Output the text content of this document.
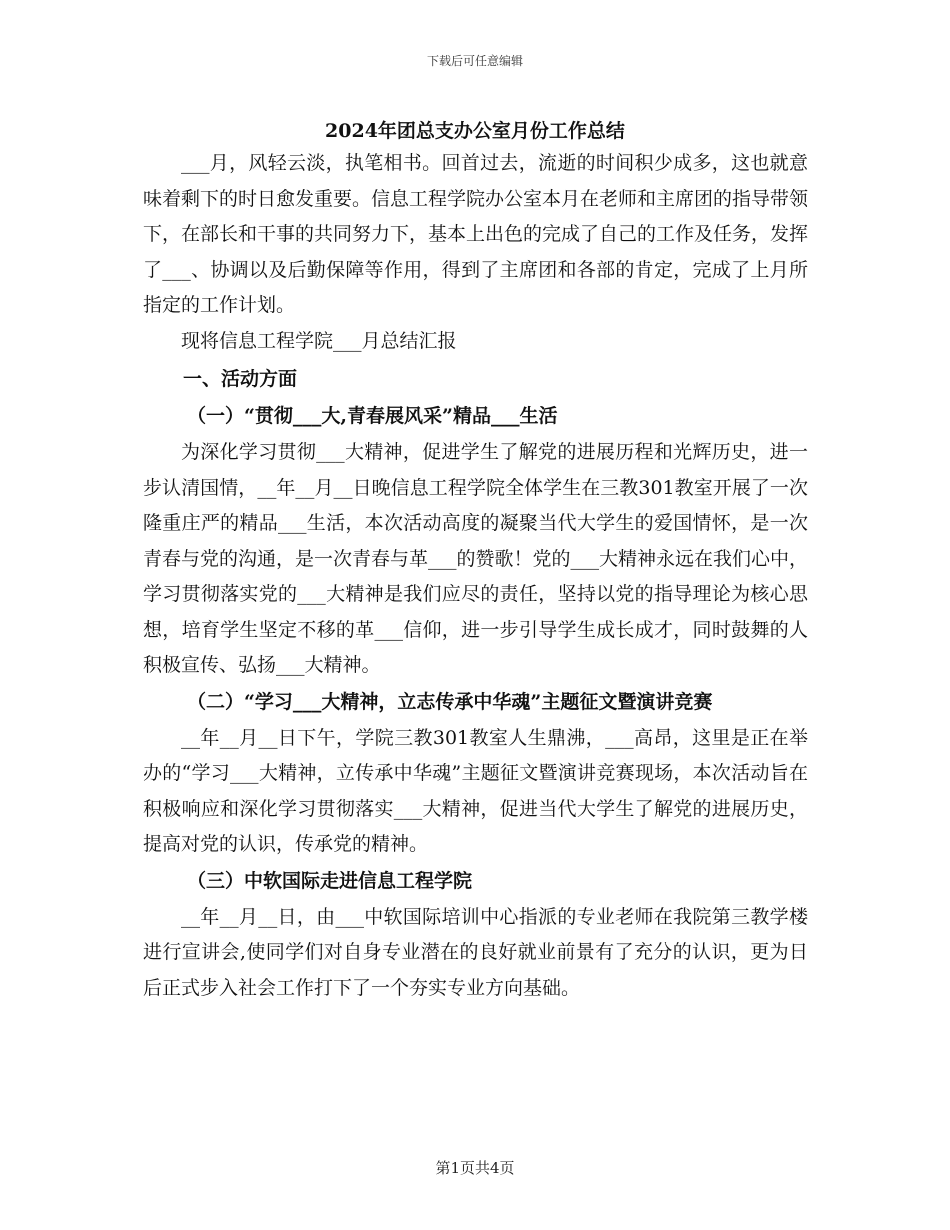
下载后可任意编辑
2024年团总支办公室月份工作总结

___月，风轻云淡，执笔相书。回首过去，流逝的时间积少成多，这也就意味着剩下的时日愈发重要。信息工程学院办公室本月在老师和主席团的指导带领下，在部长和干事的共同努力下，基本上出色的完成了自己的工作及任务，发挥了___、协调以及后勤保障等作用，得到了主席团和各部的肯定，完成了上月所指定的工作计划。

现将信息工程学院___月总结汇报

一、活动方面

（一）“贯彻___大,青春展风采”精品___生活

为深化学习贯彻___大精神，促进学生了解党的进展历程和光辉历史，进一步认清国情，__年__月__日晚信息工程学院全体学生在三教301教室开展了一次隆重庄严的精品___生活，本次活动高度的凝聚当代大学生的爱国情怀，是一次青春与党的沟通，是一次青春与革___的赞歌！党的___大精神永远在我们心中，学习贯彻落实党的___大精神是我们应尽的责任，坚持以党的指导理论为核心思想，培育学生坚定不移的革___信仰，进一步引导学生成长成才，同时鼓舞的人积极宣传、弘扬___大精神。

（二）“学习___大精神，立志传承中华魂”主题征文暨演讲竞赛

__年__月__日下午，学院三教301教室人生鼎沸，___高昂，这里是正在举办的“学习___大精神，立传承中华魂”主题征文暨演讲竞赛现场，本次活动旨在积极响应和深化学习贯彻落实___大精神，促进当代大学生了解党的进展历史，提高对党的认识，传承党的精神。

（三）中软国际走进信息工程学院

__年__月__日，由___中软国际培训中心指派的专业老师在我院第三教学楼进行宣讲会,使同学们对自身专业潜在的良好就业前景有了充分的认识，更为日后正式步入社会工作打下了一个夯实专业方向基础。

第1页共4页
